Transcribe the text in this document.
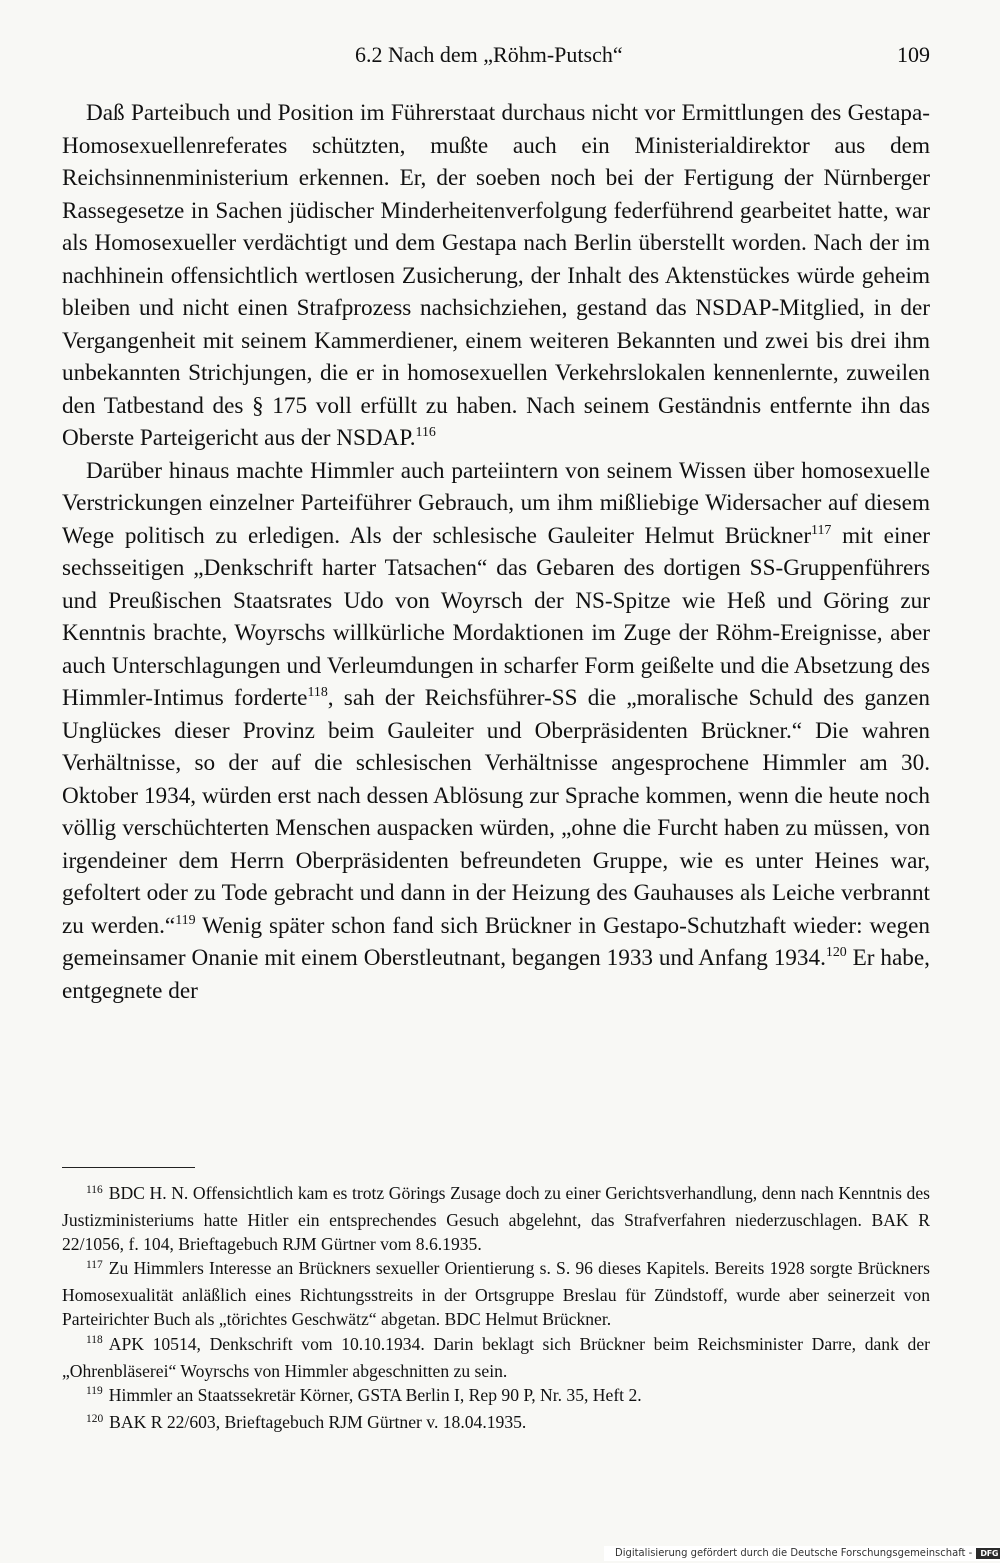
6.2 Nach dem „Röhm-Putsch“	109

Daß Parteibuch und Position im Führerstaat durchaus nicht vor Ermittlungen des Gestapa-Homosexuellenreferates schützten, mußte auch ein Ministerialdirektor aus dem Reichsinnenministerium erkennen. Er, der soeben noch bei der Fertigung der Nürnberger Rassegesetze in Sachen jüdischer Minderheitenverfolgung federführend gearbeitet hatte, war als Homosexueller verdächtigt und dem Gestapa nach Berlin überstellt worden. Nach der im nachhinein offensichtlich wertlosen Zusicherung, der Inhalt des Aktenstückes würde geheim bleiben und nicht einen Strafprozess nachsichziehen, gestand das NSDAP-Mitglied, in der Vergangenheit mit seinem Kammerdiener, einem weiteren Bekannten und zwei bis drei ihm unbekannten Strichjungen, die er in homosexuellen Verkehrslokalen kennenlernte, zuweilen den Tatbestand des § 175 voll erfüllt zu haben. Nach seinem Geständnis entfernte ihn das Oberste Parteigericht aus der NSDAP.$^{116}$

Darüber hinaus machte Himmler auch parteiintern von seinem Wissen über homosexuelle Verstrickungen einzelner Parteiführer Gebrauch, um ihm mißliebige Widersacher auf diesem Wege politisch zu erledigen. Als der schlesische Gauleiter Helmut Brückner$^{117}$ mit einer sechsseitigen „Denkschrift harter Tatsachen“ das Gebaren des dortigen SS-Gruppenführers und Preußischen Staatsrates Udo von Woyrsch der NS-Spitze wie Heß und Göring zur Kenntnis brachte, Woyrschs willkürliche Mordaktionen im Zuge der Röhm-Ereignisse, aber auch Unterschlagungen und Verleumdungen in scharfer Form geißelte und die Absetzung des Himmler-Intimus forderte$^{118}$, sah der Reichsführer-SS die „moralische Schuld des ganzen Unglückes dieser Provinz beim Gauleiter und Oberpräsidenten Brückner.“ Die wahren Verhältnisse, so der auf die schlesischen Verhältnisse angesprochene Himmler am 30. Oktober 1934, würden erst nach dessen Ablösung zur Sprache kommen, wenn die heute noch völlig verschüchterten Menschen auspacken würden, „ohne die Furcht haben zu müssen, von irgendeiner dem Herrn Oberpräsidenten befreundeten Gruppe, wie es unter Heines war, gefoltert oder zu Tode gebracht und dann in der Heizung des Gauhauses als Leiche verbrannt zu werden.“$^{119}$ Wenig später schon fand sich Brückner in Gestapo-Schutzhaft wieder: wegen gemeinsamer Onanie mit einem Oberstleutnant, begangen 1933 und Anfang 1934.$^{120}$ Er habe, entgegnete der

$^{116}$ BDC H. N. Offensichtlich kam es trotz Görings Zusage doch zu einer Gerichtsverhandlung, denn nach Kenntnis des Justizministeriums hatte Hitler ein entsprechendes Gesuch abgelehnt, das Strafverfahren niederzuschlagen. BAK R 22/1056, f. 104, Brieftagebuch RJM Gürtner vom 8.6.1935.

$^{117}$ Zu Himmlers Interesse an Brückners sexueller Orientierung s. S. 96 dieses Kapitels. Bereits 1928 sorgte Brückners Homosexualität anläßlich eines Richtungsstreits in der Ortsgruppe Breslau für Zündstoff, wurde aber seinerzeit von Parteirichter Buch als „törichtes Geschwätz“ abgetan. BDC Helmut Brückner.

$^{118}$ APK 10514, Denkschrift vom 10.10.1934. Darin beklagt sich Brückner beim Reichsminister Darre, dank der „Ohrenbläserei“ Woyrschs von Himmler abgeschnitten zu sein.

$^{119}$ Himmler an Staatssekretär Körner, GSTA Berlin I, Rep 90 P, Nr. 35, Heft 2.

$^{120}$ BAK R 22/603, Brieftagebuch RJM Gürtner v. 18.04.1935.

Digitalisierung gefördert durch die Deutsche Forschungsgemeinschaft - DFG
